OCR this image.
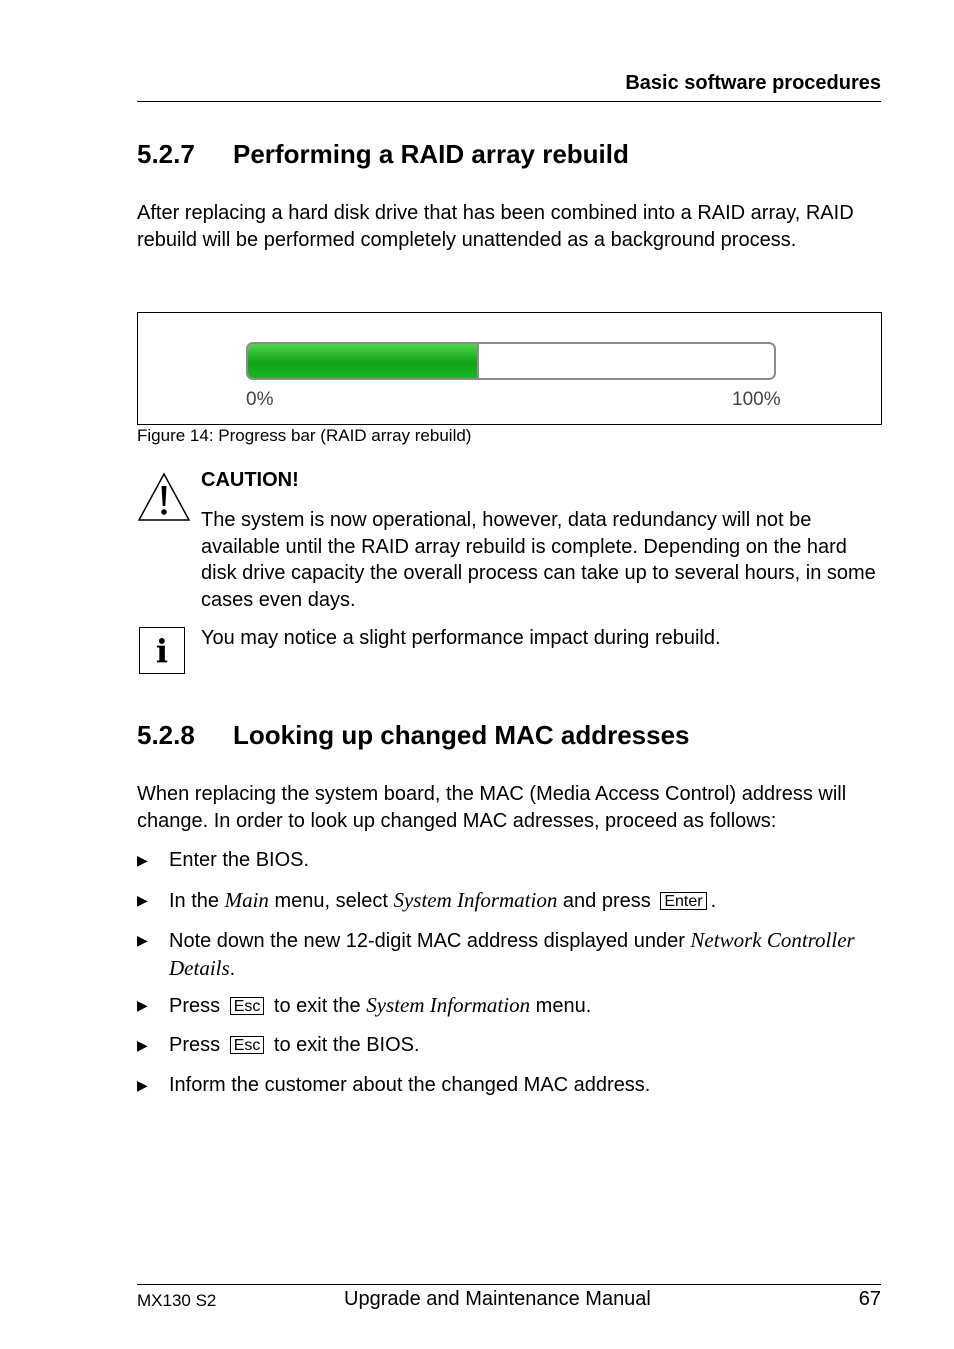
Basic software procedures
5.2.7 Performing a RAID array rebuild
After replacing a hard disk drive that has been combined into a RAID array, RAID rebuild will be performed completely unattended as a background process.
0%	100%
Figure 14: Progress bar (RAID array rebuild)
CAUTION!
The system is now operational, however, data redundancy will not be available until the RAID array rebuild is complete. Depending on the hard disk drive capacity the overall process can take up to several hours, in some cases even days.
i	You may notice a slight performance impact during rebuild.
5.2.8 Looking up changed MAC addresses
When replacing the system board, the MAC (Media Access Control) address will change. In order to look up changed MAC adresses, proceed as follows:
▶ Enter the BIOS.
▶ In the Main menu, select System Information and press Enter .
▶ Note down the new 12-digit MAC address displayed under Network Controller Details.
▶ Press Esc to exit the System Information menu.
▶ Press Esc to exit the BIOS.
▶ Inform the customer about the changed MAC address.
MX130 S2	Upgrade and Maintenance Manual	67
